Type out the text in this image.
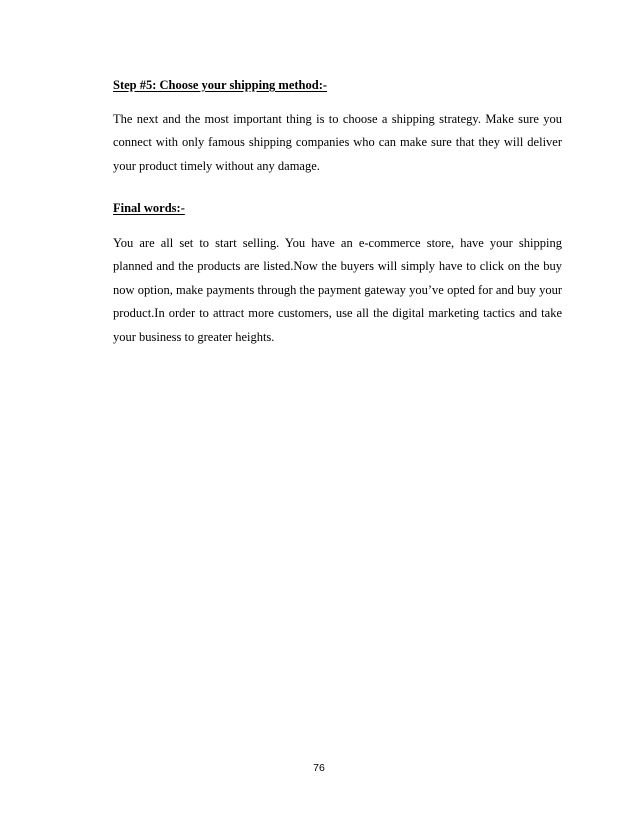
Step #5: Choose your shipping method:-

The next and the most important thing is to choose a shipping strategy. Make sure you connect with only famous shipping companies who can make sure that they will deliver your product timely without any damage.

Final words:-

You are all set to start selling. You have an e-commerce store, have your shipping planned and the products are listed.Now the buyers will simply have to click on the buy now option, make payments through the payment gateway you’ve opted for and buy your product.In order to attract more customers, use all the digital marketing tactics and take your business to greater heights.

76
